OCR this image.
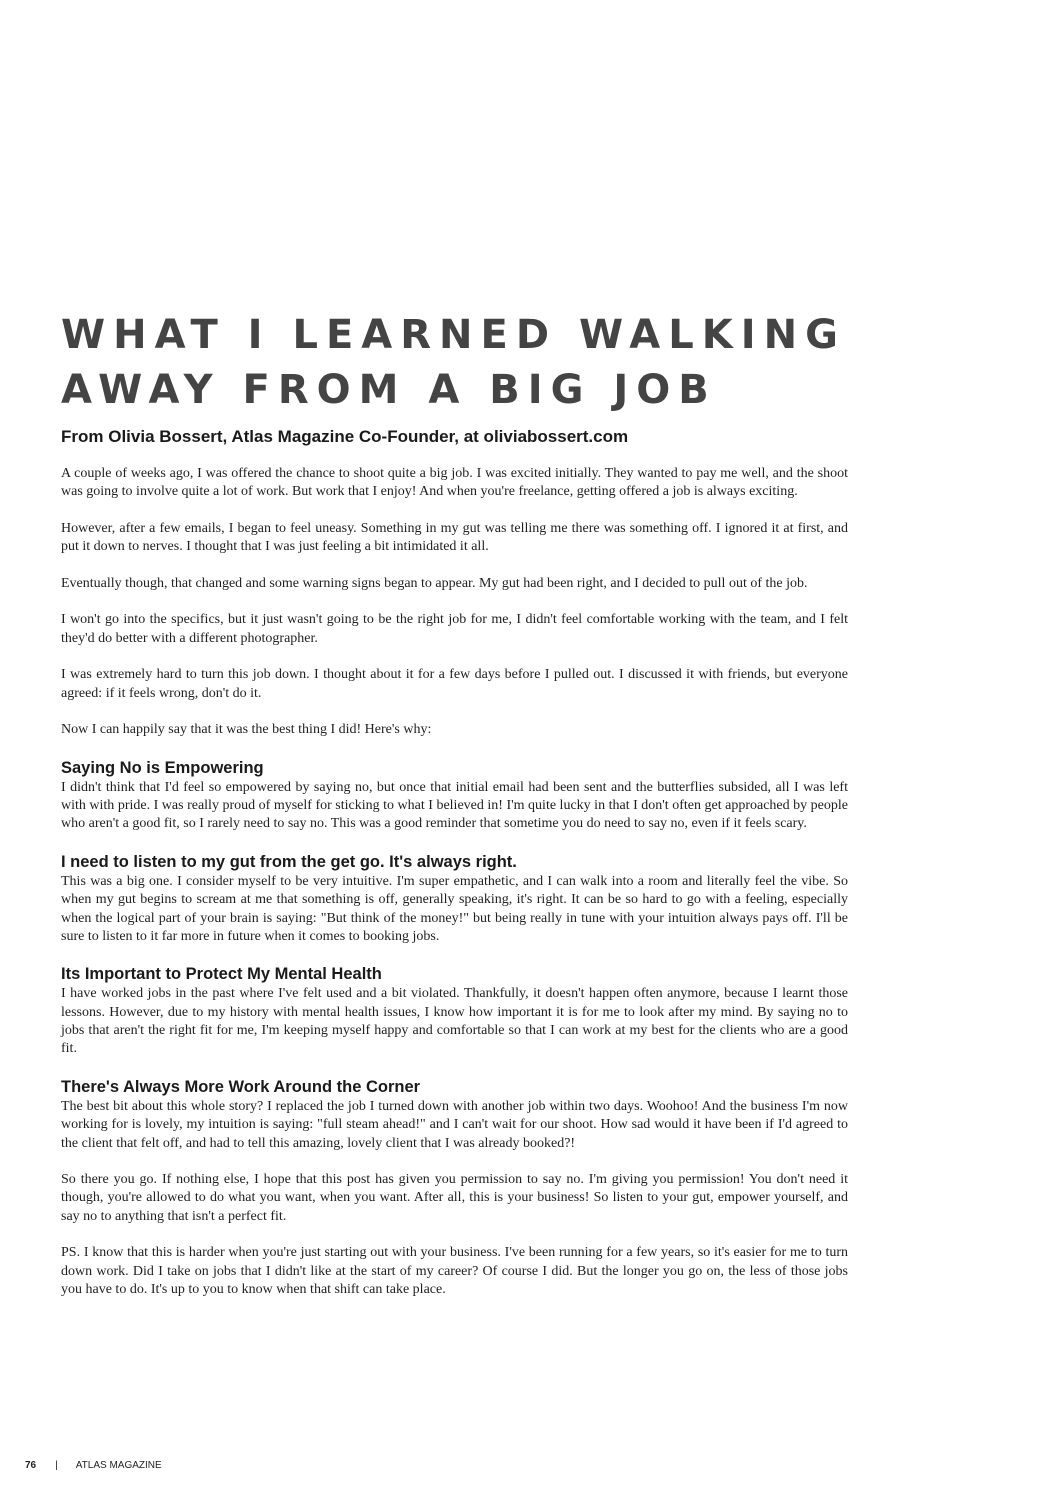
WHAT I LEARNED WALKING
AWAY FROM A BIG JOB

From Olivia Bossert, Atlas Magazine Co-Founder, at oliviabossert.com

A couple of weeks ago, I was offered the chance to shoot quite a big job. I was excited initially. They wanted to pay me well, and the shoot was going to involve quite a lot of work. But work that I enjoy! And when you're freelance, getting offered a job is always exciting.

However, after a few emails, I began to feel uneasy. Something in my gut was telling me there was something off. I ignored it at first, and put it down to nerves. I thought that I was just feeling a bit intimidated it all.

Eventually though, that changed and some warning signs began to appear. My gut had been right, and I decided to pull out of the job.

I won't go into the specifics, but it just wasn't going to be the right job for me, I didn't feel comfortable working with the team, and I felt they'd do better with a different photographer.

I was extremely hard to turn this job down. I thought about it for a few days before I pulled out. I discussed it with friends, but everyone agreed: if it feels wrong, don't do it.

Now I can happily say that it was the best thing I did! Here's why:

Saying No is Empowering

I didn't think that I'd feel so empowered by saying no, but once that initial email had been sent and the butterflies subsided, all I was left with with pride. I was really proud of myself for sticking to what I believed in! I'm quite lucky in that I don't often get approached by people who aren't a good fit, so I rarely need to say no. This was a good reminder that sometime you do need to say no, even if it feels scary.

I need to listen to my gut from the get go. It's always right.

This was a big one. I consider myself to be very intuitive. I'm super empathetic, and I can walk into a room and literally feel the vibe. So when my gut begins to scream at me that something is off, generally speaking, it's right. It can be so hard to go with a feeling, especially when the logical part of your brain is saying: "But think of the money!" but being really in tune with your intuition always pays off. I'll be sure to listen to it far more in future when it comes to booking jobs.

Its Important to Protect My Mental Health

I have worked jobs in the past where I've felt used and a bit violated. Thankfully, it doesn't happen often anymore, because I learnt those lessons. However, due to my history with mental health issues, I know how important it is for me to look after my mind. By saying no to jobs that aren't the right fit for me, I'm keeping myself happy and comfortable so that I can work at my best for the clients who are a good fit.

There's Always More Work Around the Corner

The best bit about this whole story? I replaced the job I turned down with another job within two days. Woohoo! And the business I'm now working for is lovely, my intuition is saying: "full steam ahead!" and I can't wait for our shoot. How sad would it have been if I'd agreed to the client that felt off, and had to tell this amazing, lovely client that I was already booked?!

So there you go. If nothing else, I hope that this post has given you permission to say no. I'm giving you permission! You don't need it though, you're allowed to do what you want, when you want. After all, this is your business! So listen to your gut, empower yourself, and say no to anything that isn't a perfect fit.

PS. I know that this is harder when you're just starting out with your business. I've been running for a few years, so it's easier for me to turn down work. Did I take on jobs that I didn't like at the start of my career? Of course I did. But the longer you go on, the less of those jobs you have to do. It's up to you to know when that shift can take place.

76 | ATLAS MAGAZINE
